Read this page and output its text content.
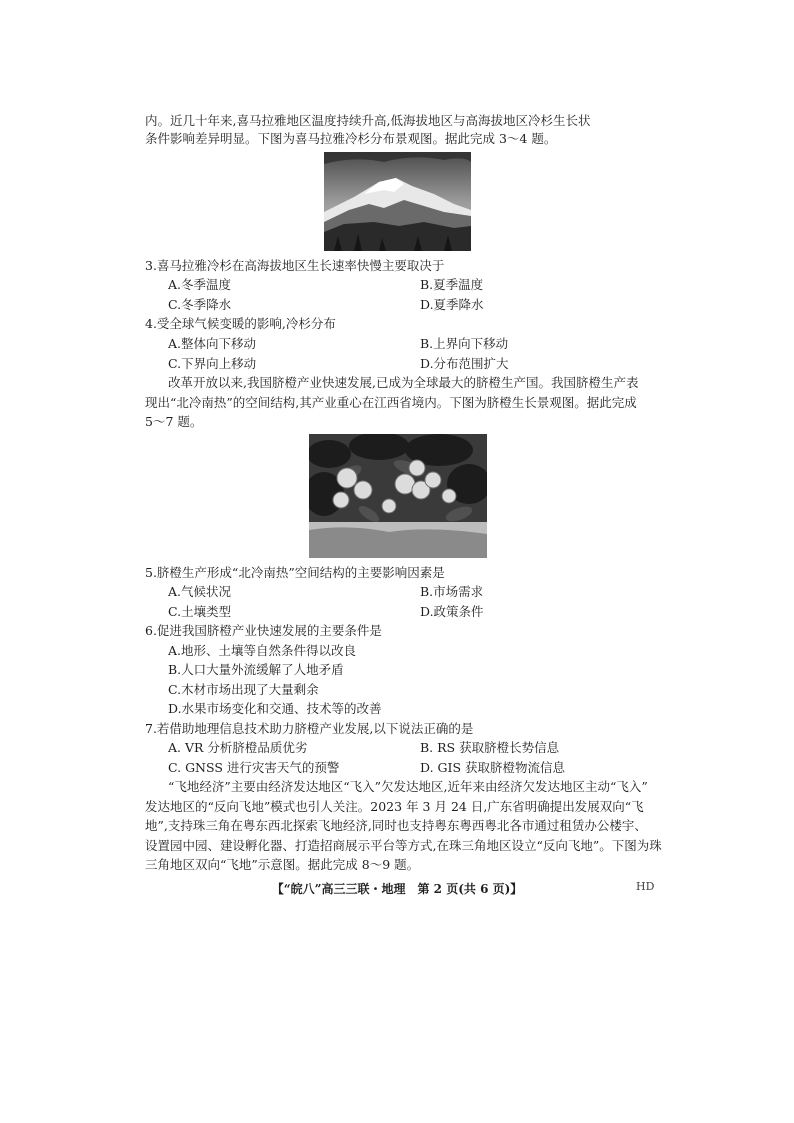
内。近几十年来,喜马拉雅地区温度持续升高,低海拔地区与高海拔地区冷杉生长状
条件影响差异明显。下图为喜马拉雅冷杉分布景观图。据此完成 3～4 题。
3.喜马拉雅冷杉在高海拔地区生长速率快慢主要取决于
A.冬季温度	B.夏季温度
C.冬季降水	D.夏季降水
4.受全球气候变暖的影响,冷杉分布
A.整体向下移动	B.上界向下移动
C.下界向上移动	D.分布范围扩大
改革开放以来,我国脐橙产业快速发展,已成为全球最大的脐橙生产国。我国脐橙生产表
现出“北冷南热”的空间结构,其产业重心在江西省境内。下图为脐橙生长景观图。据此完成
5～7 题。
5.脐橙生产形成“北冷南热”空间结构的主要影响因素是
A.气候状况	B.市场需求
C.土壤类型	D.政策条件
6.促进我国脐橙产业快速发展的主要条件是
A.地形、土壤等自然条件得以改良
B.人口大量外流缓解了人地矛盾
C.木材市场出现了大量剩余
D.水果市场变化和交通、技术等的改善
7.若借助地理信息技术助力脐橙产业发展,以下说法正确的是
A. VR 分析脐橙品质优劣	B. RS 获取脐橙长势信息
C. GNSS 进行灾害天气的预警	D. GIS 获取脐橙物流信息
“飞地经济”主要由经济发达地区“飞入”欠发达地区,近年来由经济欠发达地区主动“飞入”
发达地区的“反向飞地”模式也引人关注。2023 年 3 月 24 日,广东省明确提出发展双向“飞
地”,支持珠三角在粤东西北探索飞地经济,同时也支持粤东粤西粤北各市通过租赁办公楼宇、
设置园中园、建设孵化器、打造招商展示平台等方式,在珠三角地区设立“反向飞地”。下图为珠
三角地区双向“飞地”示意图。据此完成 8～9 题。
【“皖八”高三三联・地理　第 2 页(共 6 页)】	HD
